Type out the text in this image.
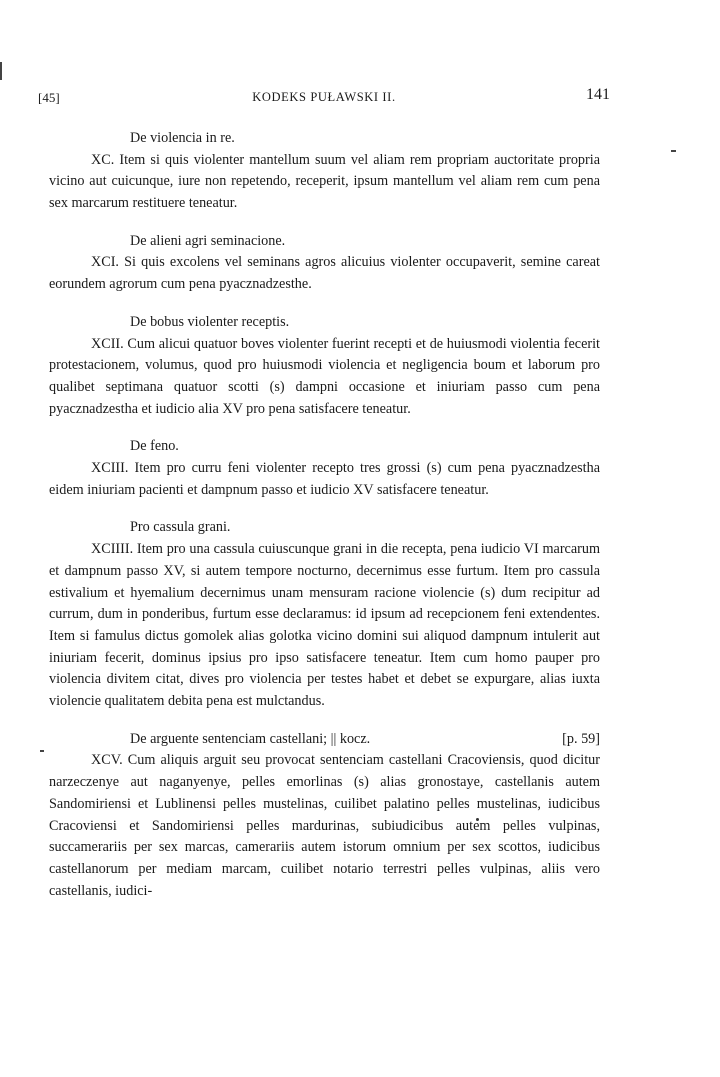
[45]	KODEKS PUŁAWSKI II.	141
De violencia in re.

XC. Item si quis violenter mantellum suum vel aliam rem propriam auctoritate propria vicino aut cuicunque, iure non repetendo, receperit, ipsum mantellum vel aliam rem cum pena sex marcarum restituere teneatur.

De alieni agri seminacione.

XCI. Si quis excolens vel seminans agros alicuius violenter occupaverit, semine careat eorundem agrorum cum pena pyacznadzesthe.

De bobus violenter receptis.

XCII. Cum alicui quatuor boves violenter fuerint recepti et de huiusmodi violentia fecerit protestacionem, volumus, quod pro huiusmodi violencia et negligencia boum et laborum pro qualibet septimana quatuor scotti (s) dampni occasione et iniuriam passo cum pena pyacznadzestha et iudicio alia XV pro pena satisfacere teneatur.

De feno.

XCIII. Item pro curru feni violenter recepto tres grossi (s) cum pena pyacznadzestha eidem iniuriam pacienti et dampnum passo et iudicio XV satisfacere teneatur.

Pro cassula grani.

XCIIII. Item pro una cassula cuiuscunque grani in die recepta, pena iudicio VI marcarum et dampnum passo XV, si autem tempore nocturno, decernimus esse furtum. Item pro cassula estivalium et hyemalium decernimus unam mensuram racione violencie (s) dum recipitur ad currum, dum in ponderibus, furtum esse declaramus: id ipsum ad recepcionem feni extendentes. Item si famulus dictus gomolek alias golotka vicino domini sui aliquod dampnum intulerit aut iniuriam fecerit, dominus ipsius pro ipso satisfacere teneatur. Item cum homo pauper pro violencia divitem citat, dives pro violencia per testes habet et debet se expurgare, alias iuxta violencie qualitatem debita pena est mulctandus.

De arguente sentenciam castellani; || kocz.	[p. 59]

XCV. Cum aliquis arguit seu provocat sentenciam castellani Cracoviensis, quod dicitur narzeczenye aut naganyenye, pelles emorlinas (s) alias gronostaye, castellanis autem Sandomiriensi et Lublinensi pelles mustelinas, cuilibet palatino pelles mustelinas, iudicibus Cracoviensi et Sandomiriensi pelles mardurinas, subiudicibus autem pelles vulpinas, succamerariis per sex marcas, camerariis autem istorum omnium per sex scottos, iudicibus castellanorum per mediam marcam, cuilibet notario terrestri pelles vulpinas, aliis vero castellanis, iudici-
